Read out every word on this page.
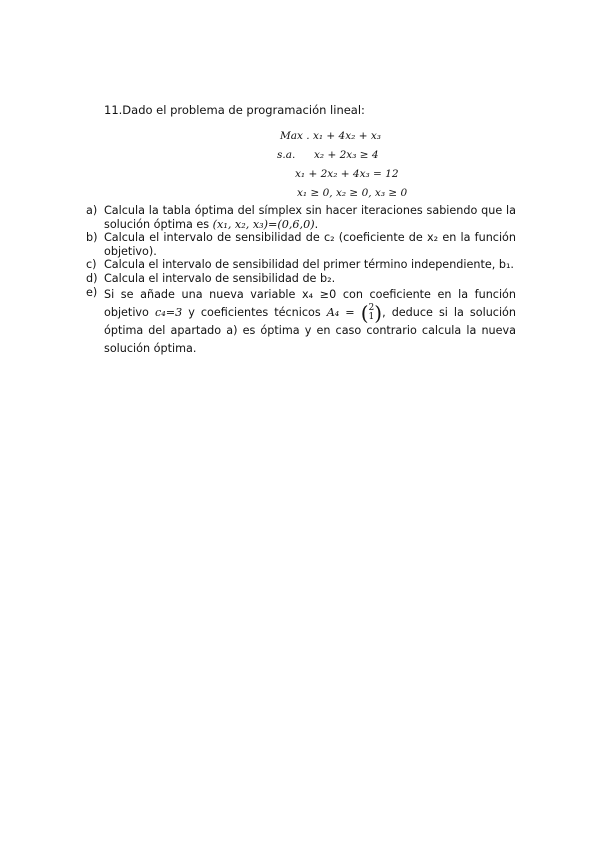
11.Dado el problema de programación lineal:
Max . x₁ + 4x₂ + x₃
s.a. x₂ + 2x₃ ≥ 4
x₁ + 2x₂ + 4x₃ = 12
x₁ ≥ 0, x₂ ≥ 0, x₃ ≥ 0
a) Calcula la tabla óptima del símplex sin hacer iteraciones sabiendo que la solución óptima es (x₁, x₂, x₃)=(0,6,0).
b) Calcula el intervalo de sensibilidad de c₂ (coeficiente de x₂ en la función objetivo).
c) Calcula el intervalo de sensibilidad del primer término independiente, b₁.
d) Calcula el intervalo de sensibilidad de b₂.
e) Si se añade una nueva variable x₄ ≥0 con coeficiente en la función objetivo c₄=3 y coeficientes técnicos A₄ = (2
1), deduce si la solución óptima del apartado a) es óptima y en caso contrario calcula la nueva solución óptima.
